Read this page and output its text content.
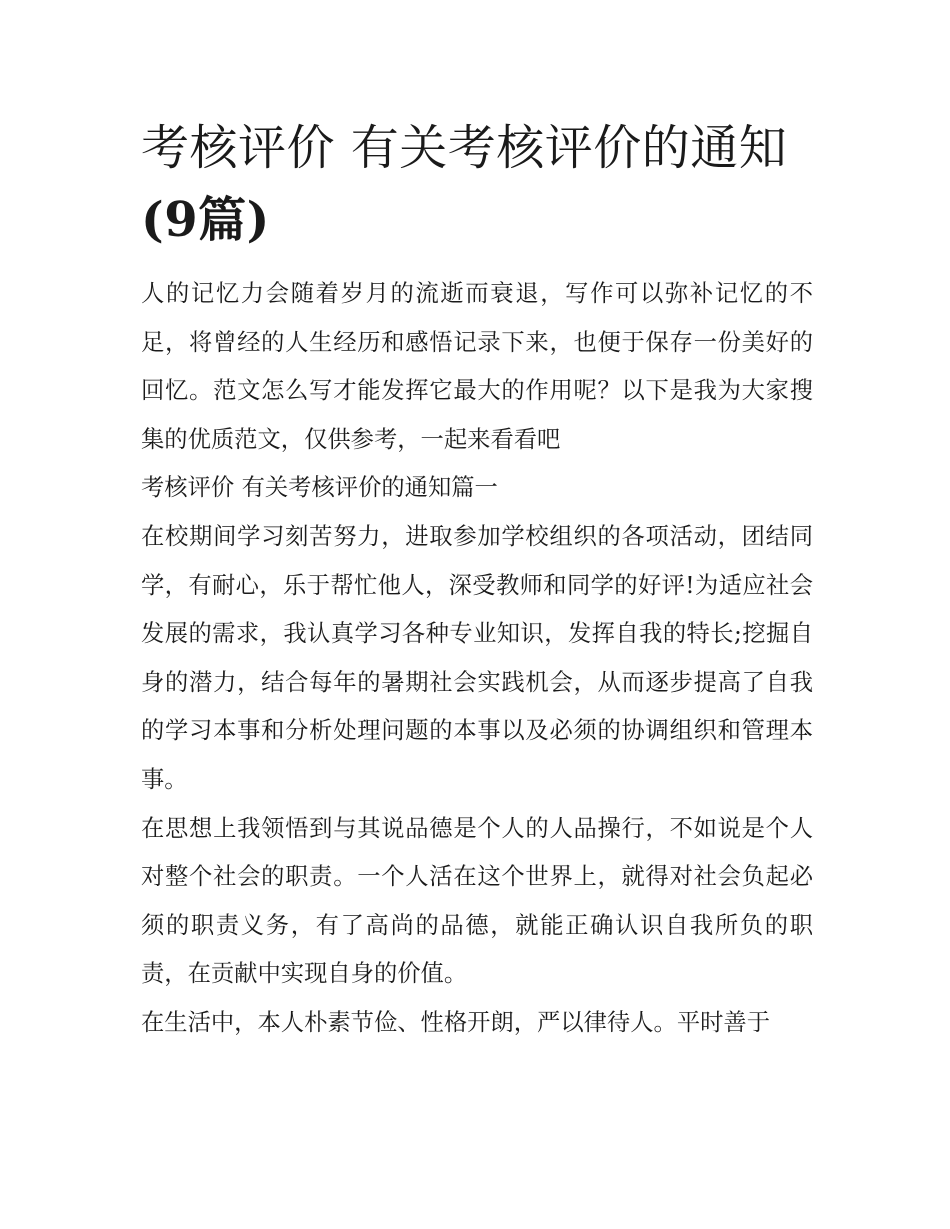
考核评价 有关考核评价的通知
(9篇)

人的记忆力会随着岁月的流逝而衰退，写作可以弥补记忆的不足，将曾经的人生经历和感悟记录下来，也便于保存一份美好的回忆。范文怎么写才能发挥它最大的作用呢？以下是我为大家搜集的优质范文，仅供参考，一起来看看吧

考核评价 有关考核评价的通知篇一

在校期间学习刻苦努力，进取参加学校组织的各项活动，团结同学，有耐心，乐于帮忙他人，深受教师和同学的好评!为适应社会发展的需求，我认真学习各种专业知识，发挥自我的特长;挖掘自身的潜力，结合每年的暑期社会实践机会，从而逐步提高了自我的学习本事和分析处理问题的本事以及必须的协调组织和管理本事。

在思想上我领悟到与其说品德是个人的人品操行，不如说是个人对整个社会的职责。一个人活在这个世界上，就得对社会负起必须的职责义务，有了高尚的品德，就能正确认识自我所负的职责，在贡献中实现自身的价值。

在生活中，本人朴素节俭、性格开朗，严以律待人。平时善于
